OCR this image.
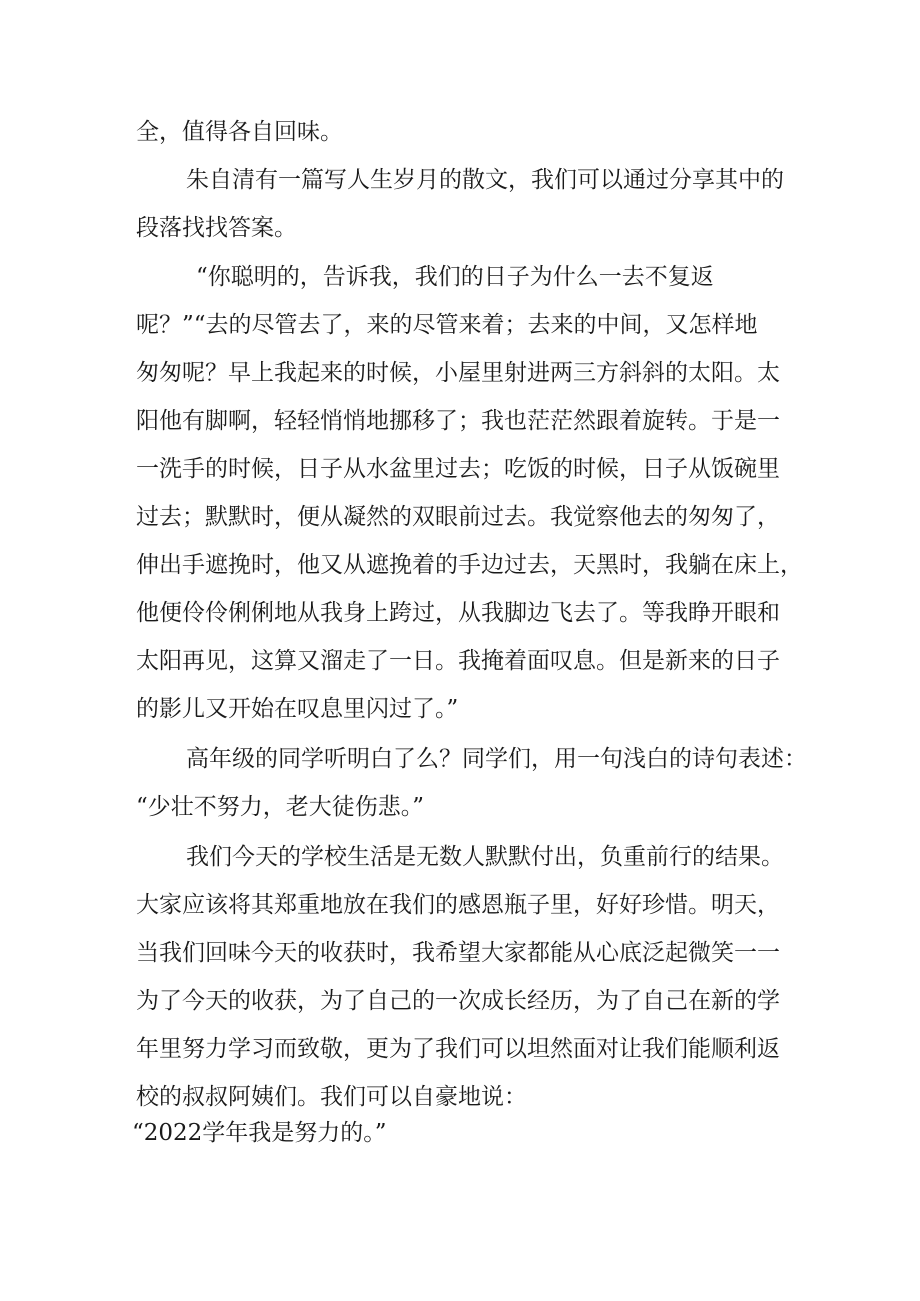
全，值得各自回味。
朱自清有一篇写人生岁月的散文，我们可以通过分享其中的
段落找找答案。
“你聪明的，告诉我，我们的日子为什么一去不复返
呢？”“去的尽管去了，来的尽管来着；去来的中间，又怎样地
匆匆呢？早上我起来的时候，小屋里射进两三方斜斜的太阳。太
阳他有脚啊，轻轻悄悄地挪移了；我也茫茫然跟着旋转。于是一
一洗手的时候，日子从水盆里过去；吃饭的时候，日子从饭碗里
过去；默默时，便从凝然的双眼前过去。我觉察他去的匆匆了，
伸出手遮挽时，他又从遮挽着的手边过去，天黑时，我躺在床上，
他便伶伶俐俐地从我身上跨过，从我脚边飞去了。等我睁开眼和
太阳再见，这算又溜走了一日。我掩着面叹息。但是新来的日子
的影儿又开始在叹息里闪过了。”
高年级的同学听明白了么？同学们，用一句浅白的诗句表述：
“少壮不努力，老大徒伤悲。”
我们今天的学校生活是无数人默默付出，负重前行的结果。
大家应该将其郑重地放在我们的感恩瓶子里，好好珍惜。明天，
当我们回味今天的收获时，我希望大家都能从心底泛起微笑一一
为了今天的收获，为了自己的一次成长经历，为了自己在新的学
年里努力学习而致敬，更为了我们可以坦然面对让我们能顺利返
校的叔叔阿姨们。我们可以自豪地说：
“2022学年我是努力的。”
